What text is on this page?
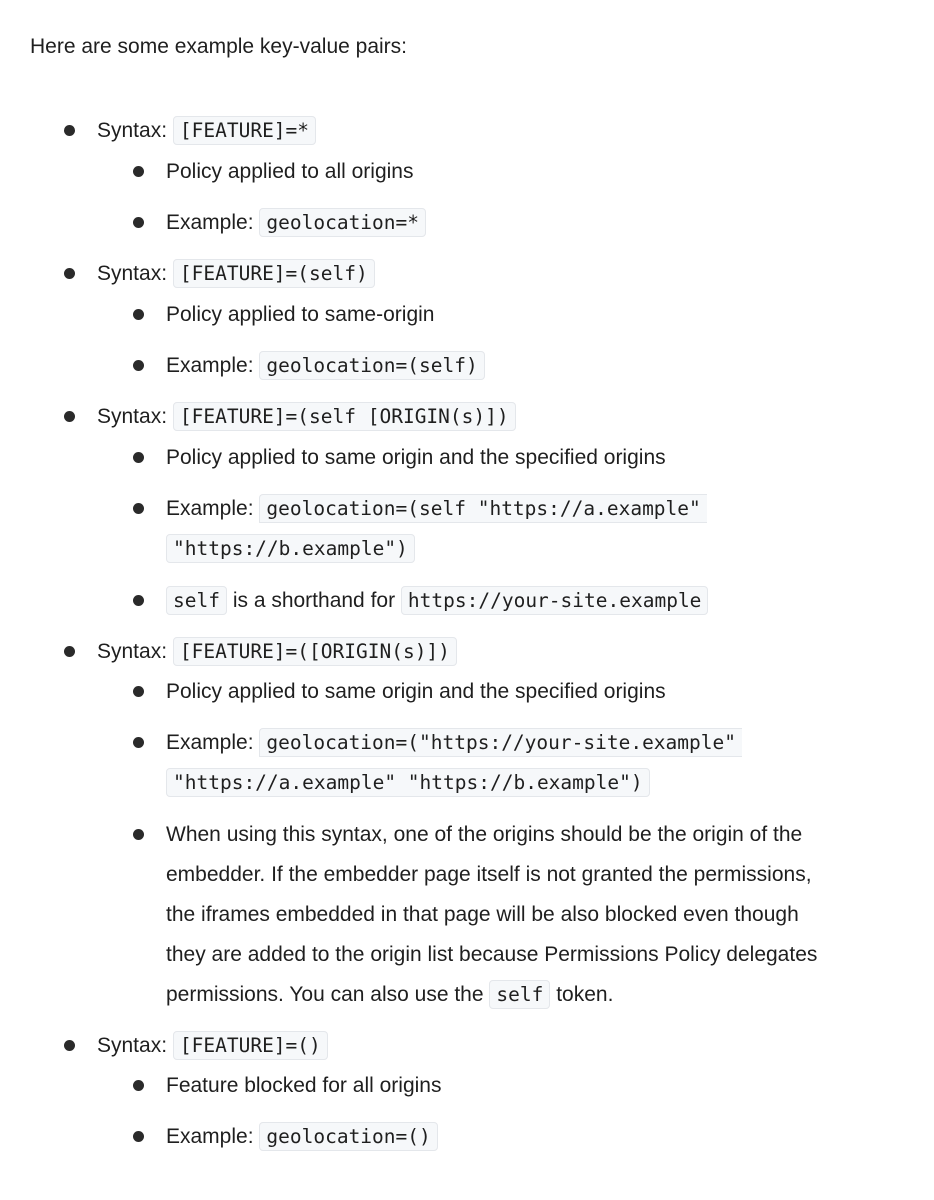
Here are some example key-value pairs:
Syntax: [FEATURE]=*
Policy applied to all origins
Example: geolocation=*
Syntax: [FEATURE]=(self)
Policy applied to same-origin
Example: geolocation=(self)
Syntax: [FEATURE]=(self [ORIGIN(s)])
Policy applied to same origin and the specified origins
Example: geolocation=(self "https://a.example"
"https://b.example")
self is a shorthand for https://your-site.example
Syntax: [FEATURE]=([ORIGIN(s)])
Policy applied to same origin and the specified origins
Example: geolocation=("https://your-site.example"
"https://a.example" "https://b.example")
When using this syntax, one of the origins should be the origin of the
embedder. If the embedder page itself is not granted the permissions,
the iframes embedded in that page will be also blocked even though
they are added to the origin list because Permissions Policy delegates
permissions. You can also use the self token.
Syntax: [FEATURE]=()
Feature blocked for all origins
Example: geolocation=()
